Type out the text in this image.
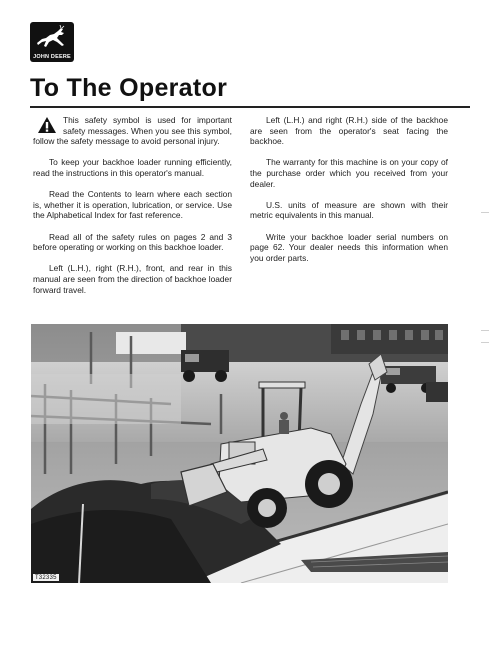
JOHN DEERE
To The Operator

This safety symbol is used for important safety messages. When you see this symbol, follow the safety message to avoid personal injury.

To keep your backhoe loader running efficiently, read the instructions in this operator's manual.

Read the Contents to learn where each section is, whether it is operation, lubrication, or service. Use the Alphabetical Index for fast reference.

Read all of the safety rules on pages 2 and 3 before operating or working on this backhoe loader.

Left (L.H.), right (R.H.), front, and rear in this manual are seen from the direction of backhoe loader forward travel.

Left (L.H.) and right (R.H.) side of the backhoe are seen from the operator's seat facing the backhoe.

The warranty for this machine is on your copy of the purchase order which you received from your dealer.

U.S. units of measure are shown with their metric equivalents in this manual.

Write your backhoe loader serial numbers on page 62. Your dealer needs this information when you order parts.

T32335
